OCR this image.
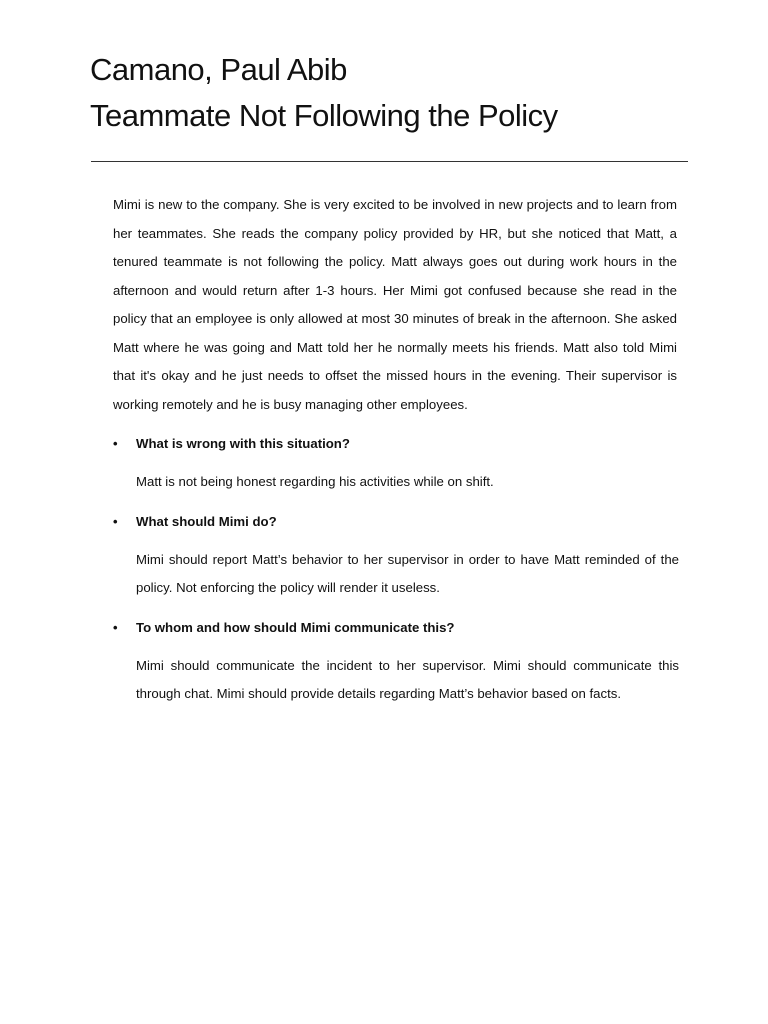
Camano, Paul Abib
Teammate Not Following the Policy

Mimi is new to the company. She is very excited to be involved in new projects and to learn from her teammates. She reads the company policy provided by HR, but she noticed that Matt, a tenured teammate is not following the policy. Matt always goes out during work hours in the afternoon and would return after 1-3 hours. Her Mimi got confused because she read in the policy that an employee is only allowed at most 30 minutes of break in the afternoon. She asked Matt where he was going and Matt told her he normally meets his friends. Matt also told Mimi that it's okay and he just needs to offset the missed hours in the evening. Their supervisor is working remotely and he is busy managing other employees.

• What is wrong with this situation?

Matt is not being honest regarding his activities while on shift.

• What should Mimi do?

Mimi should report Matt’s behavior to her supervisor in order to have Matt reminded of the policy. Not enforcing the policy will render it useless.

• To whom and how should Mimi communicate this?

Mimi should communicate the incident to her supervisor. Mimi should communicate this through chat. Mimi should provide details regarding Matt’s behavior based on facts.
